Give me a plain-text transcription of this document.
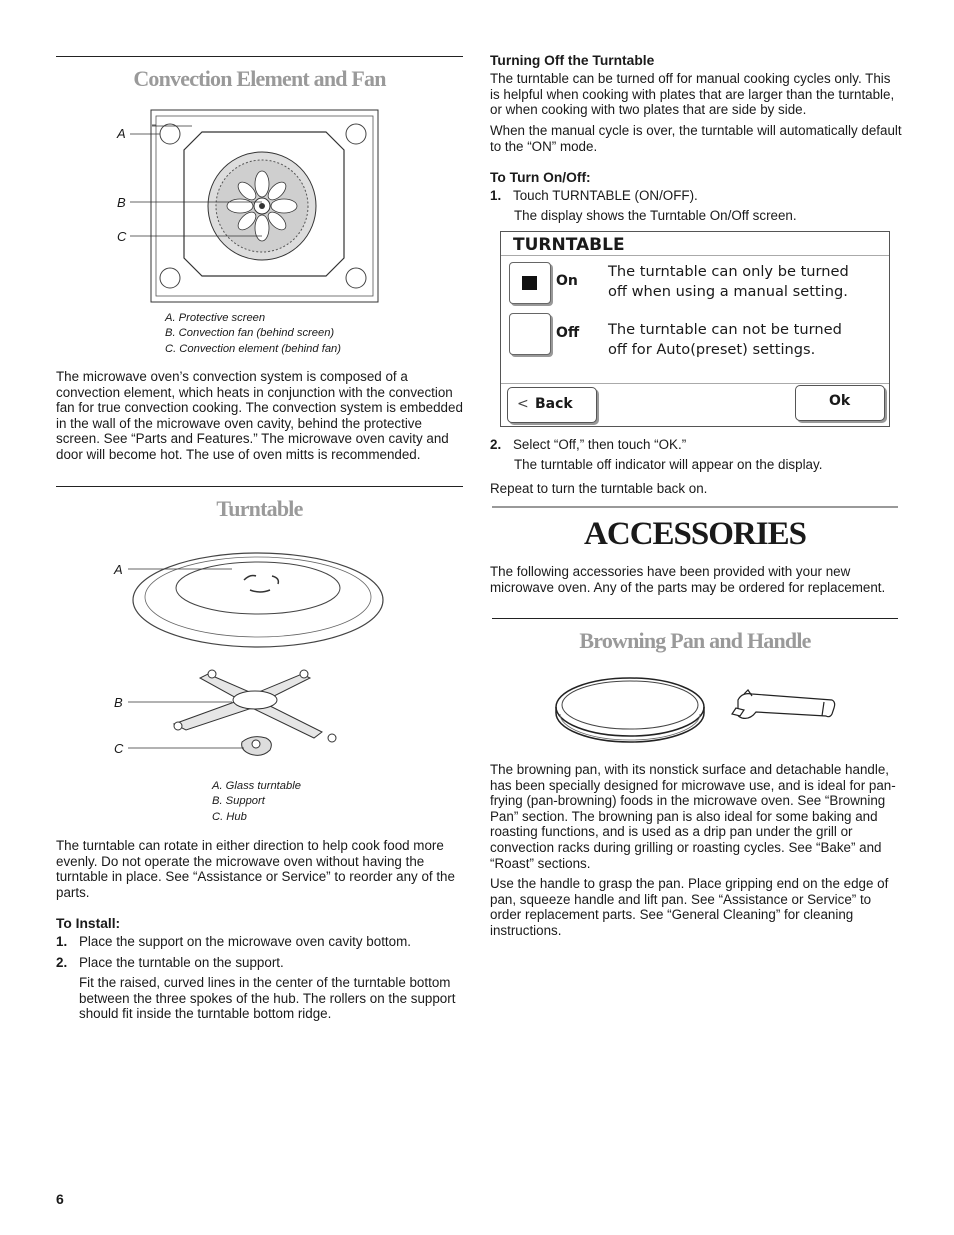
Convection Element and Fan
A
B
C
A. Protective screen
B. Convection fan (behind screen)
C. Convection element (behind fan)
The microwave oven’s convection system is composed of a convection element, which heats in conjunction with the convection fan for true convection cooking. The convection system is embedded in the wall of the microwave oven cavity, behind the protective screen. See “Parts and Features.” The microwave oven cavity and door will become hot. The use of oven mitts is recommended.
Turntable
A
B
C
A. Glass turntable
B. Support
C. Hub
The turntable can rotate in either direction to help cook food more evenly. Do not operate the microwave oven without having the turntable in place. See “Assistance or Service” to reorder any of the parts.
To Install:
1. Place the support on the microwave oven cavity bottom.
2. Place the turntable on the support.
Fit the raised, curved lines in the center of the turntable bottom between the three spokes of the hub. The rollers on the support should fit inside the turntable bottom ridge.
6
Turning Off the Turntable
The turntable can be turned off for manual cooking cycles only. This is helpful when cooking with plates that are larger than the turntable, or when cooking with two plates that are side by side.
When the manual cycle is over, the turntable will automatically default to the “ON” mode.
To Turn On/Off:
1. Touch TURNTABLE (ON/OFF).
The display shows the Turntable On/Off screen.
TURNTABLE
On
The turntable can only be turned
off when using a manual setting.
Off The turntable can not be turned
off for Auto(preset) settings.
< Back	Ok
2. Select “Off,” then touch “OK.”
The turntable off indicator will appear on the display.
Repeat to turn the turntable back on.
ACCESSORIES
The following accessories have been provided with your new microwave oven. Any of the parts may be ordered for replacement.
Browning Pan and Handle
The browning pan, with its nonstick surface and detachable handle, has been specially designed for microwave use, and is ideal for pan-frying (pan-browning) foods in the microwave oven. See “Browning Pan” section. The browning pan is also ideal for some baking and roasting functions, and is used as a drip pan under the grill or convection racks during grilling or roasting cycles. See “Bake” and “Roast” sections.
Use the handle to grasp the pan. Place gripping end on the edge of pan, squeeze handle and lift pan. See “Assistance or Service” to order replacement parts. See “General Cleaning” for cleaning instructions.
